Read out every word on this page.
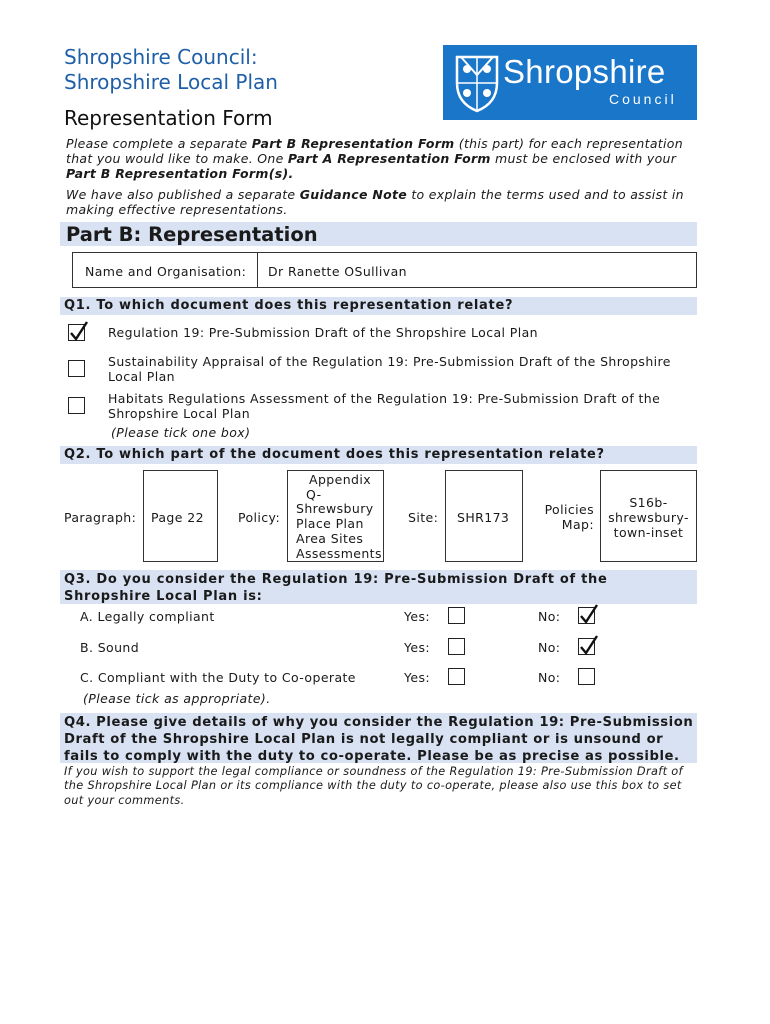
Shropshire Council:
Shropshire Local Plan
Representation Form
Shropshire
Council
Please complete a separate Part B Representation Form (this part) for each representation that you would like to make. One Part A Representation Form must be enclosed with your Part B Representation Form(s).
We have also published a separate Guidance Note to explain the terms used and to assist in making effective representations.
Part B: Representation
Name and Organisation: Dr Ranette OSullivan
Q1. To which document does this representation relate?
Regulation 19: Pre-Submission Draft of the Shropshire Local Plan
Sustainability Appraisal of the Regulation 19: Pre-Submission Draft of the Shropshire Local Plan
Habitats Regulations Assessment of the Regulation 19: Pre-Submission Draft of the Shropshire Local Plan
(Please tick one box)
Q2. To which part of the document does this representation relate?
Paragraph: Page 22	Policy:
Appendix
Q-
Shrewsbury
Place Plan
Area Sites
Assessments
Site: SHR173
Policies
Map:
S16b-
shrewsbury-
town-inset
Q3. Do you consider the Regulation 19: Pre-Submission Draft of the
Shropshire Local Plan is:
A. Legally compliant	Yes:	No:
B. Sound	Yes:	No:
C. Compliant with the Duty to Co-operate	Yes:	No:
(Please tick as appropriate).
Q4. Please give details of why you consider the Regulation 19: Pre-Submission
Draft of the Shropshire Local Plan is not legally compliant or is unsound or
fails to comply with the duty to co-operate. Please be as precise as possible.
If you wish to support the legal compliance or soundness of the Regulation 19: Pre-Submission Draft of the Shropshire Local Plan or its compliance with the duty to co-operate, please also use this box to set out your comments.
